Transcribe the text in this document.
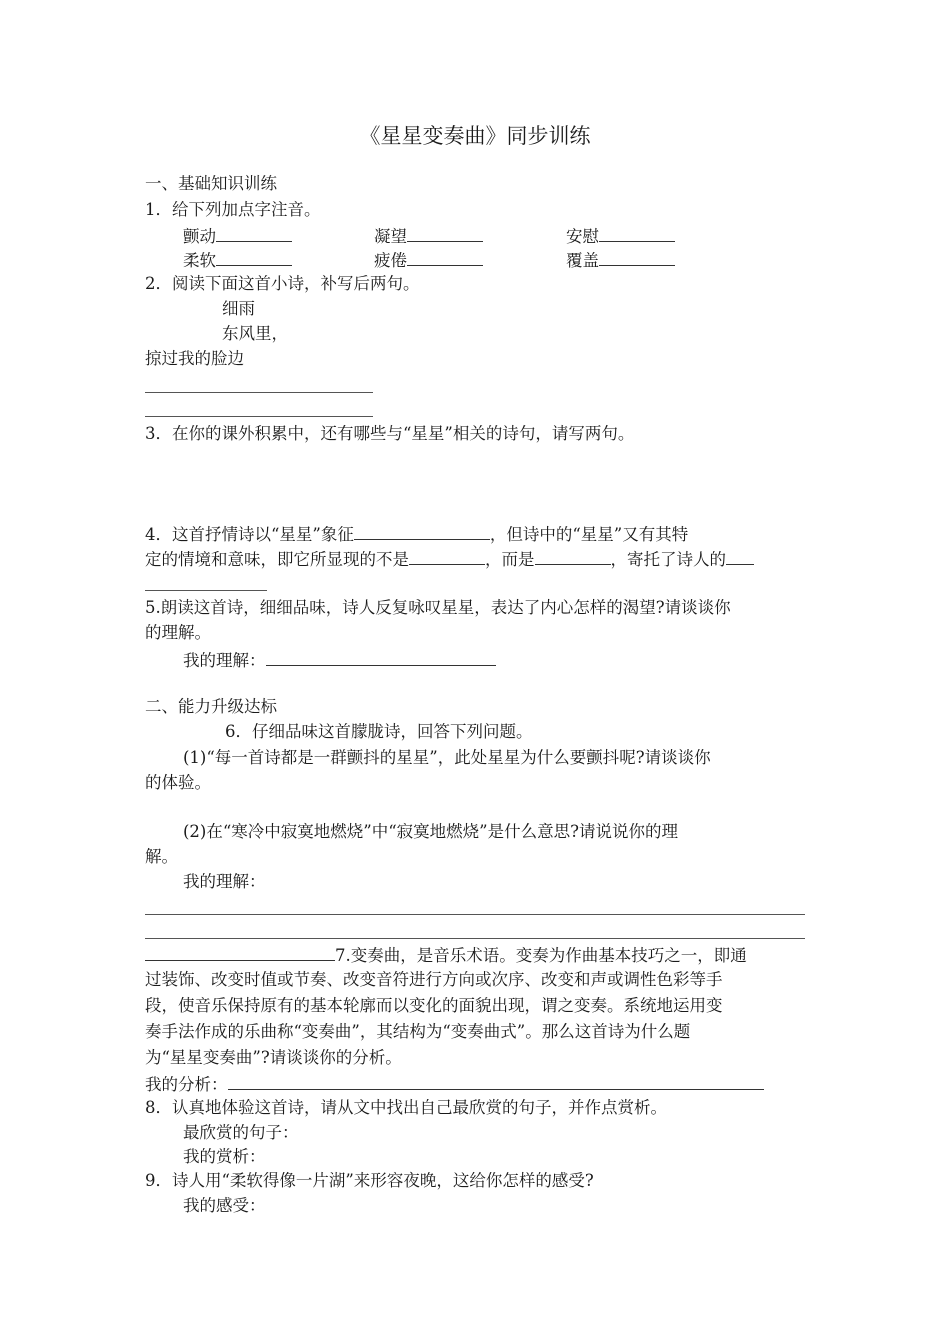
《星星变奏曲》同步训练
一、基础知识训练
1．给下列加点字注音。
颤动	凝望	安慰
柔软	疲倦	覆盖
2．阅读下面这首小诗，补写后两句。
细雨
东风里，
掠过我的脸边
3．在你的课外积累中，还有哪些与“星星”相关的诗句，请写两句。
4．这首抒情诗以“星星”象征	，但诗中的“星星”又有其特
定的情境和意味，即它所显现的不是	，而是	，寄托了诗人的
5.朗读这首诗，细细品味，诗人反复咏叹星星，表达了内心怎样的渴望?请谈谈你
的理解。
我的理解：
二、能力升级达标
6．仔细品味这首朦胧诗，回答下列问题。
(1)“每一首诗都是一群颤抖的星星”，此处星星为什么要颤抖呢?请谈谈你
的体验。
(2)在“寒冷中寂寞地燃烧”中“寂寞地燃烧”是什么意思?请说说你的理
解。
我的理解：
7.变奏曲，是音乐术语。变奏为作曲基本技巧之一，即通
过装饰、改变时值或节奏、改变音符进行方向或次序、改变和声或调性色彩等手
段，使音乐保持原有的基本轮廓而以变化的面貌出现，谓之变奏。系统地运用变
奏手法作成的乐曲称“变奏曲”，其结构为“变奏曲式”。那么这首诗为什么题
为“星星变奏曲”?请谈谈你的分析。
我的分析：
8．认真地体验这首诗，请从文中找出自己最欣赏的句子，并作点赏析。
最欣赏的句子：
我的赏析：
9．诗人用“柔软得像一片湖”来形容夜晚，这给你怎样的感受?
我的感受：
